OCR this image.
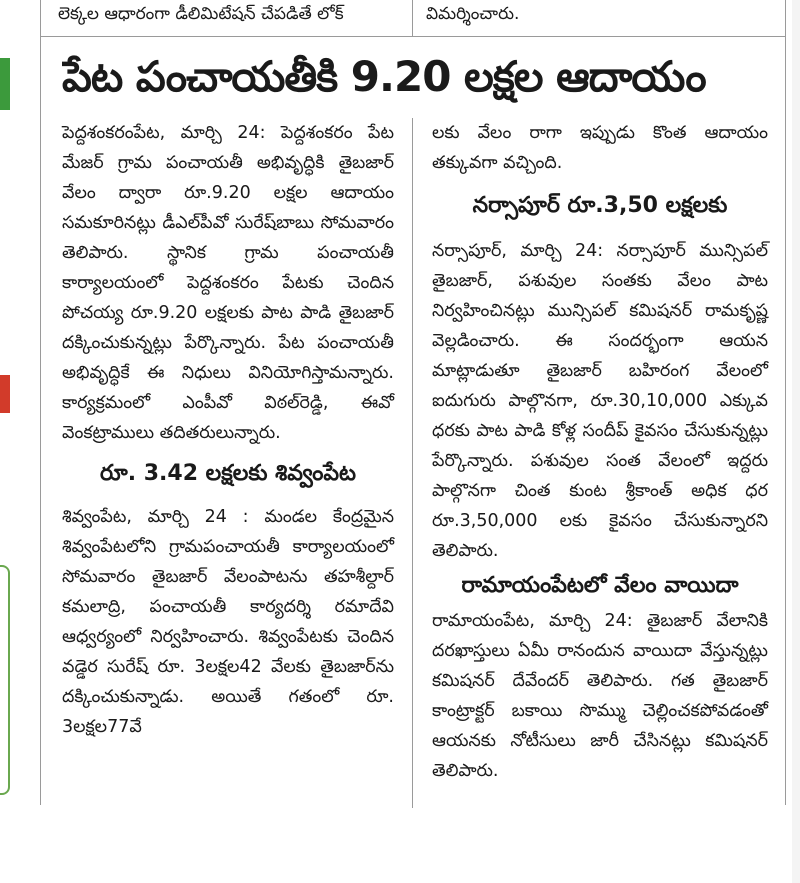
లెక్కల ఆధారంగా డీలిమిటేషన్ చేపడితే లోక్	విమర్శించారు.
పేట పంచాయతీకి 9.20 లక్షల ఆదాయం

పెద్దశంకరంపేట, మార్చి 24: పెద్దశంకరం పేట మేజర్ గ్రామ పంచాయతీ అభివృద్ధికి తైబజార్ వేలం ద్వారా రూ.9.20 లక్షల ఆదాయం సమకూరినట్లు డీఎల్‌పీవో సురేష్‌బాబు సోమవారం తెలిపారు. స్థానిక గ్రామ పంచాయతీ కార్యాలయంలో పెద్దశంకరం పేటకు చెందిన పోచయ్య రూ.9.20 లక్షలకు పాట పాడి తైబజార్ దక్కించుకున్నట్లు పేర్కొన్నారు. పేట పంచాయతీ అభివృద్ధికే ఈ నిధులు వినియోగిస్తామన్నారు. కార్యక్రమంలో ఎంపీవో విఠల్‌రెడ్డి, ఈవో వెంకట్రాములు తదితరులున్నారు.

రూ. 3.42 లక్షలకు శివ్వంపేట

శివ్వంపేట, మార్చి 24 : మండల కేంద్రమైన శివ్వంపేటలోని గ్రామపంచాయతీ కార్యాలయంలో సోమవారం తైబజార్ వేలంపాటను తహశీల్దార్ కమలాద్రి, పంచాయతీ కార్యదర్శి రమాదేవి ఆధ్వర్యంలో నిర్వహించారు. శివ్వంపేటకు చెందిన వడ్డెర సురేష్ రూ. 3లక్షల42 వేలకు తైబజార్‌ను దక్కించుకున్నాడు. అయితే గతంలో రూ. 3లక్షల77వే

లకు వేలం రాగా ఇప్పుడు కొంత ఆదాయం తక్కువగా వచ్చింది.

నర్సాపూర్ రూ.3,50 లక్షలకు

నర్సాపూర్, మార్చి 24: నర్సాపూర్ మున్సిపల్ తైబజార్, పశువుల సంతకు వేలం పాట నిర్వహించినట్లు మున్సిపల్ కమిషనర్ రామకృష్ణ వెల్లడించారు. ఈ సందర్భంగా ఆయన మాట్లాడుతూ తైబజార్ బహిరంగ వేలంలో ఐదుగురు పాల్గొనగా, రూ.30,10,000 ఎక్కువ ధరకు పాట పాడి కోళ్ల సందీప్ కైవసం చేసుకున్నట్లు పేర్కొన్నారు. పశువుల సంత వేలంలో ఇద్దరు పాల్గొనగా చింత కుంట శ్రీకాంత్ అధిక ధర రూ.3,50,000 లకు కైవసం చేసుకున్నారని తెలిపారు.

రామాయంపేటలో వేలం వాయిదా

రామాయంపేట, మార్చి 24: తైబజార్ వేలానికి దరఖాస్తులు ఏమీ రానందున వాయిదా వేస్తున్నట్లు కమిషనర్ దేవేందర్ తెలిపారు. గత తైబజార్ కాంట్రాక్టర్ బకాయి సొమ్ము చెల్లించకపోవడంతో ఆయనకు నోటీసులు జారీ చేసినట్లు కమిషనర్ తెలిపారు.
